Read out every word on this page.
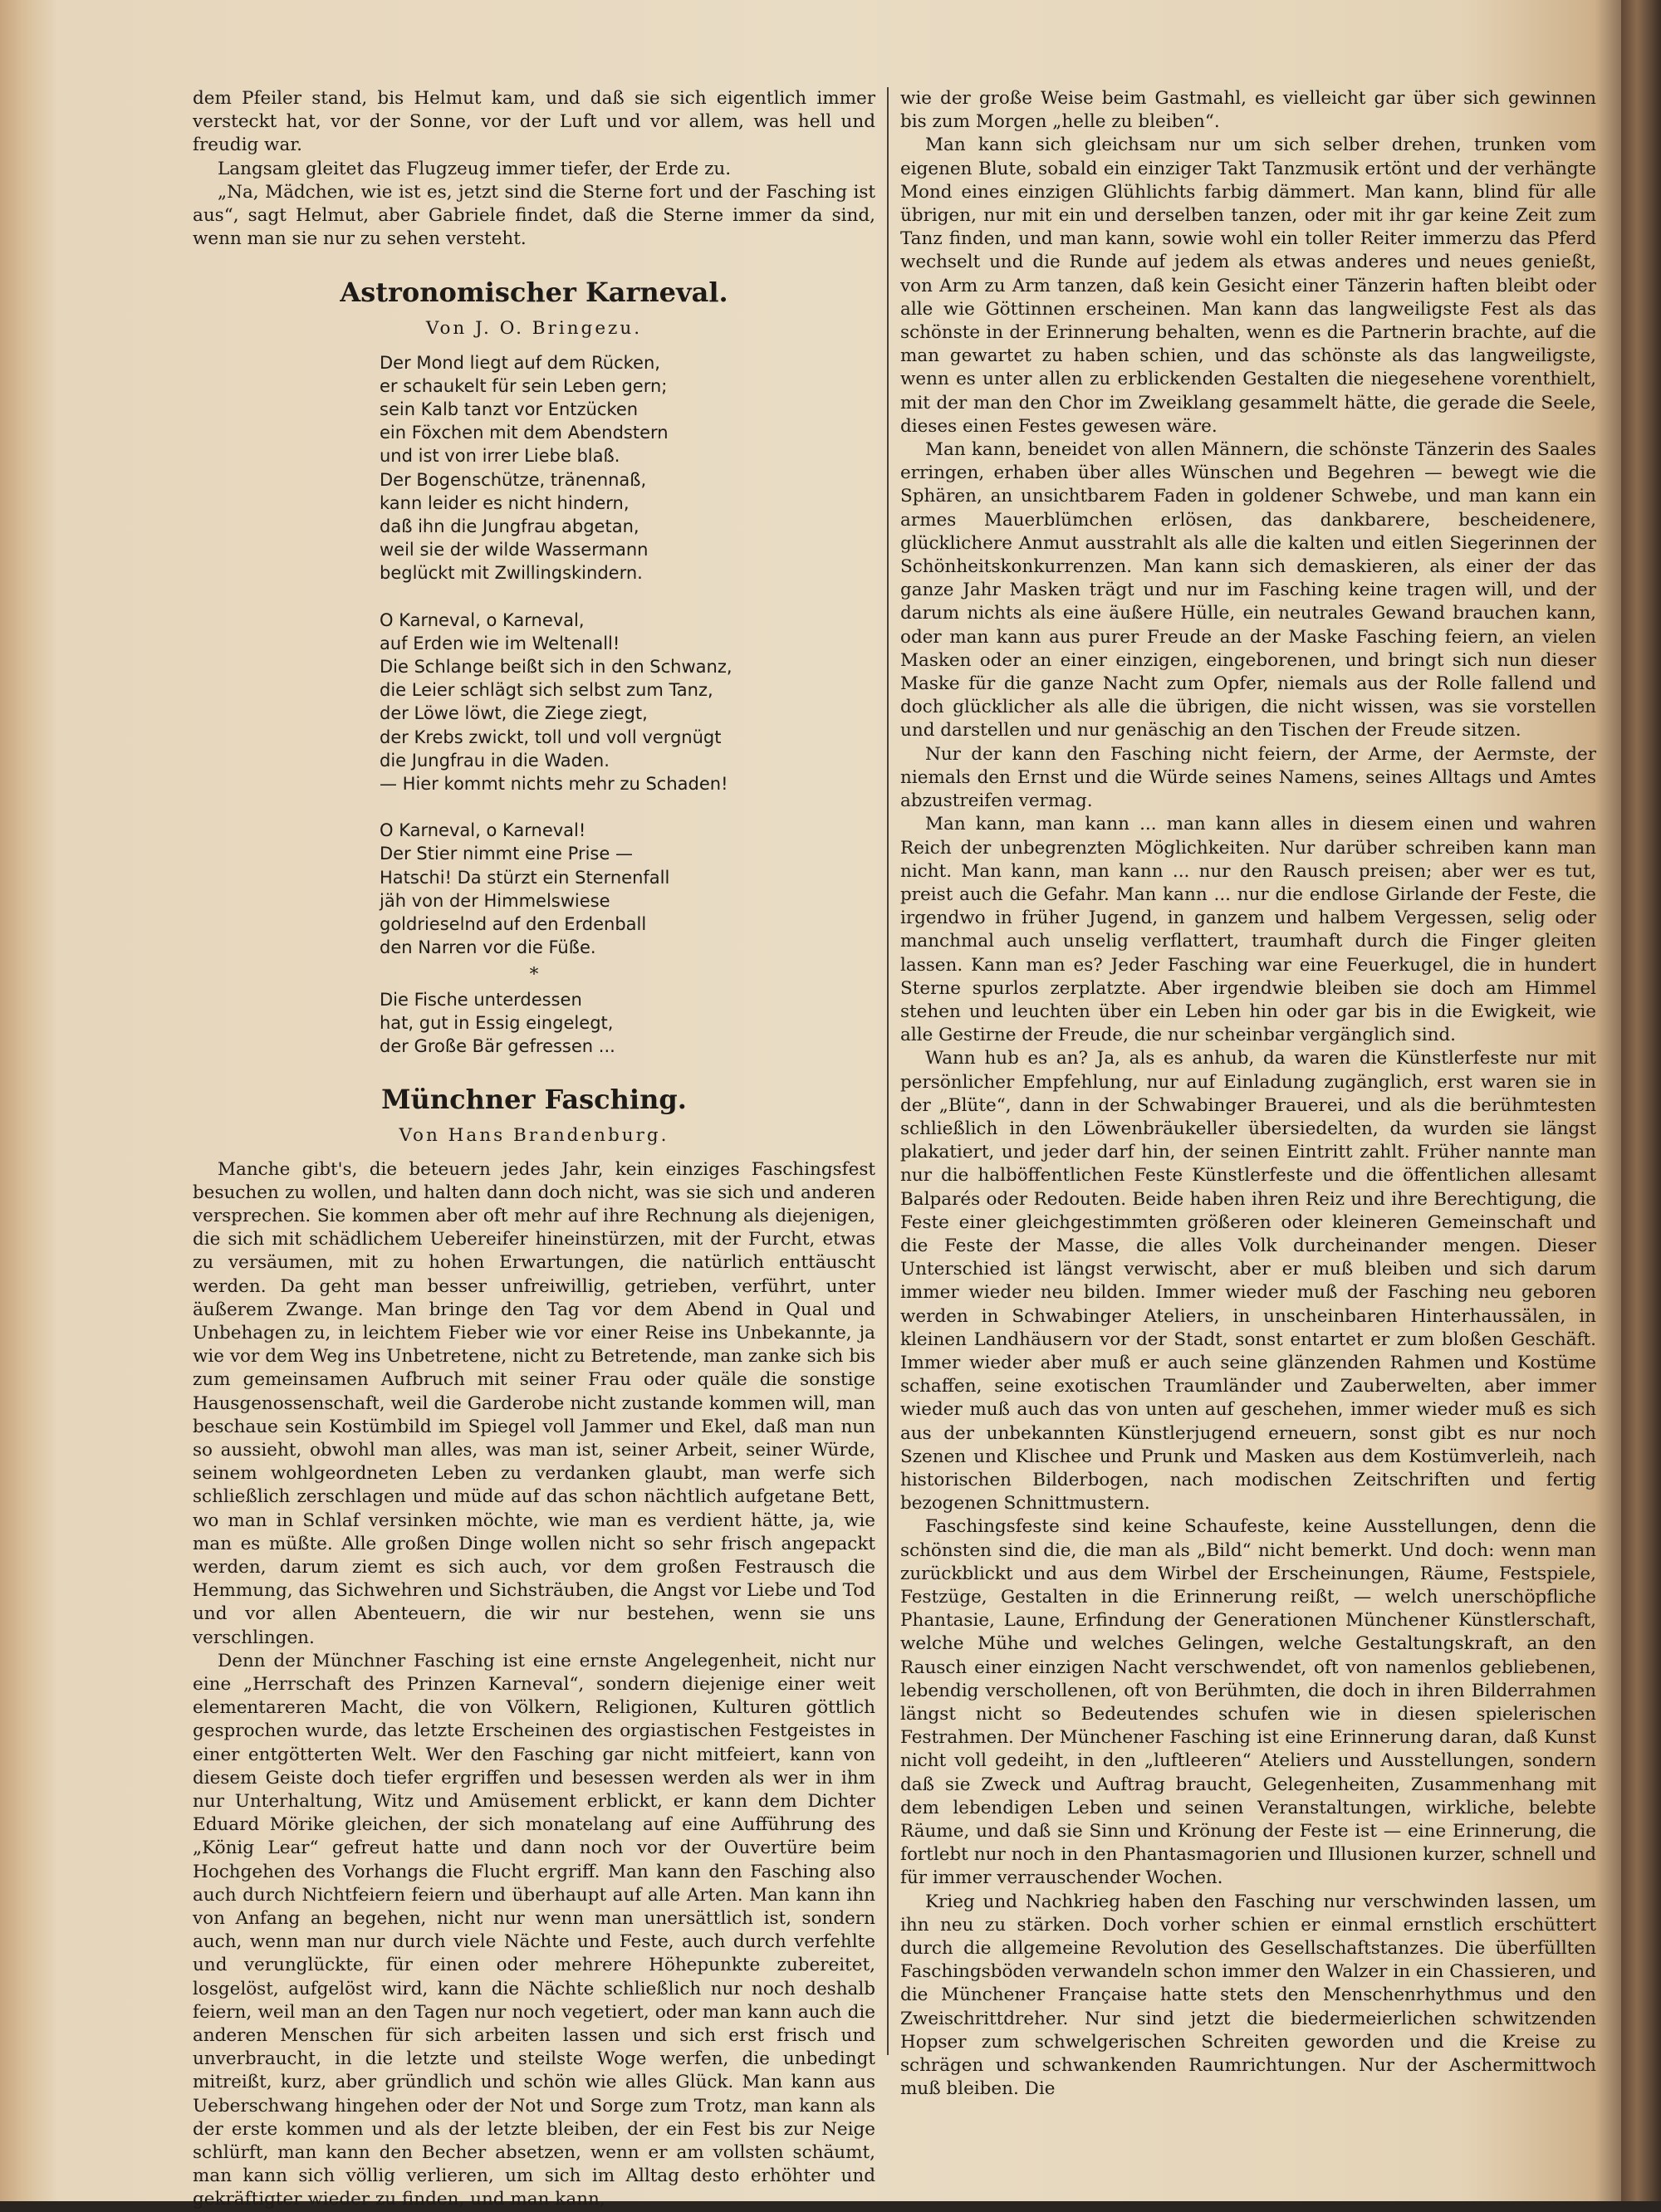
dem Pfeiler stand, bis Helmut kam, und daß sie sich eigentlich immer versteckt hat, vor der Sonne, vor der Luft und vor allem, was hell und freudig war.

Langsam gleitet das Flugzeug immer tiefer, der Erde zu.

„Na, Mädchen, wie ist es, jetzt sind die Sterne fort und der Fasching ist aus“, sagt Helmut, aber Gabriele findet, daß die Sterne immer da sind, wenn man sie nur zu sehen versteht.

Astronomischer Karneval.
Von J. O. Bringezu.
Der Mond liegt auf dem Rücken,
er schaukelt für sein Leben gern;
sein Kalb tanzt vor Entzücken
ein Föxchen mit dem Abendstern
und ist von irrer Liebe blaß.
Der Bogenschütze, tränennaß,
kann leider es nicht hindern,
daß ihn die Jungfrau abgetan,
weil sie der wilde Wassermann
beglückt mit Zwillingskindern.
O Karneval, o Karneval,
auf Erden wie im Weltenall!
Die Schlange beißt sich in den Schwanz,
die Leier schlägt sich selbst zum Tanz,
der Löwe löwt, die Ziege ziegt,
der Krebs zwickt, toll und voll vergnügt
die Jungfrau in die Waden.
— Hier kommt nichts mehr zu Schaden!
O Karneval, o Karneval!
Der Stier nimmt eine Prise —
Hatschi! Da stürzt ein Sternenfall
jäh von der Himmelswiese
goldrieselnd auf den Erdenball
den Narren vor die Füße.
*
Die Fische unterdessen
hat, gut in Essig eingelegt,
der Große Bär gefressen ...
Münchner Fasching.
Von Hans Brandenburg.

Manche gibt's, die beteuern jedes Jahr, kein einziges Faschingsfest besuchen zu wollen, und halten dann doch nicht, was sie sich und anderen versprechen. Sie kommen aber oft mehr auf ihre Rechnung als diejenigen, die sich mit schädlichem Uebereifer hineinstürzen, mit der Furcht, etwas zu versäumen, mit zu hohen Erwartungen, die natürlich enttäuscht werden. Da geht man besser unfreiwillig, getrieben, verführt, unter äußerem Zwange. Man bringe den Tag vor dem Abend in Qual und Unbehagen zu, in leichtem Fieber wie vor einer Reise ins Unbekannte, ja wie vor dem Weg ins Unbetretene, nicht zu Betretende, man zanke sich bis zum gemeinsamen Aufbruch mit seiner Frau oder quäle die sonstige Hausgenossenschaft, weil die Garderobe nicht zustande kommen will, man beschaue sein Kostümbild im Spiegel voll Jammer und Ekel, daß man nun so aussieht, obwohl man alles, was man ist, seiner Arbeit, seiner Würde, seinem wohlgeordneten Leben zu verdanken glaubt, man werfe sich schließlich zerschlagen und müde auf das schon nächtlich aufgetane Bett, wo man in Schlaf versinken möchte, wie man es verdient hätte, ja, wie man es müßte. Alle großen Dinge wollen nicht so sehr frisch angepackt werden, darum ziemt es sich auch, vor dem großen Festrausch die Hemmung, das Sichwehren und Sichsträuben, die Angst vor Liebe und Tod und vor allen Abenteuern, die wir nur bestehen, wenn sie uns verschlingen.

Denn der Münchner Fasching ist eine ernste Angelegenheit, nicht nur eine „Herrschaft des Prinzen Karneval“, sondern diejenige einer weit elementareren Macht, die von Völkern, Religionen, Kulturen göttlich gesprochen wurde, das letzte Erscheinen des orgiastischen Festgeistes in einer entgötterten Welt. Wer den Fasching gar nicht mitfeiert, kann von diesem Geiste doch tiefer ergriffen und besessen werden als wer in ihm nur Unterhaltung, Witz und Amüsement erblickt, er kann dem Dichter Eduard Mörike gleichen, der sich monatelang auf eine Aufführung des „König Lear“ gefreut hatte und dann noch vor der Ouvertüre beim Hochgehen des Vorhangs die Flucht ergriff. Man kann den Fasching also auch durch Nichtfeiern feiern und überhaupt auf alle Arten. Man kann ihn von Anfang an begehen, nicht nur wenn man unersättlich ist, sondern auch, wenn man nur durch viele Nächte und Feste, auch durch verfehlte und verunglückte, für einen oder mehrere Höhepunkte zubereitet, losgelöst, aufgelöst wird, kann die Nächte schließlich nur noch deshalb feiern, weil man an den Tagen nur noch vegetiert, oder man kann auch die anderen Menschen für sich arbeiten lassen und sich erst frisch und unverbraucht, in die letzte und steilste Woge werfen, die unbedingt mitreißt, kurz, aber gründlich und schön wie alles Glück. Man kann aus Ueberschwang hingehen oder der Not und Sorge zum Trotz, man kann als der erste kommen und als der letzte bleiben, der ein Fest bis zur Neige schlürft, man kann den Becher absetzen, wenn er am vollsten schäumt, man kann sich völlig verlieren, um sich im Alltag desto erhöhter und gekräftigter wieder zu finden, und man kann,

wie der große Weise beim Gastmahl, es vielleicht gar über sich gewinnen bis zum Morgen „helle zu bleiben“.

Man kann sich gleichsam nur um sich selber drehen, trunken vom eigenen Blute, sobald ein einziger Takt Tanzmusik ertönt und der verhängte Mond eines einzigen Glühlichts farbig dämmert. Man kann, blind für alle übrigen, nur mit ein und derselben tanzen, oder mit ihr gar keine Zeit zum Tanz finden, und man kann, sowie wohl ein toller Reiter immerzu das Pferd wechselt und die Runde auf jedem als etwas anderes und neues genießt, von Arm zu Arm tanzen, daß kein Gesicht einer Tänzerin haften bleibt oder alle wie Göttinnen erscheinen. Man kann das langweiligste Fest als das schönste in der Erinnerung behalten, wenn es die Partnerin brachte, auf die man gewartet zu haben schien, und das schönste als das langweiligste, wenn es unter allen zu erblickenden Gestalten die niegesehene vorenthielt, mit der man den Chor im Zweiklang gesammelt hätte, die gerade die Seele, dieses einen Festes gewesen wäre.

Man kann, beneidet von allen Männern, die schönste Tänzerin des Saales erringen, erhaben über alles Wünschen und Begehren — bewegt wie die Sphären, an unsichtbarem Faden in goldener Schwebe, und man kann ein armes Mauerblümchen erlösen, das dankbarere, bescheidenere, glücklichere Anmut ausstrahlt als alle die kalten und eitlen Siegerinnen der Schönheitskonkurrenzen. Man kann sich demaskieren, als einer der das ganze Jahr Masken trägt und nur im Fasching keine tragen will, und der darum nichts als eine äußere Hülle, ein neutrales Gewand brauchen kann, oder man kann aus purer Freude an der Maske Fasching feiern, an vielen Masken oder an einer einzigen, eingeborenen, und bringt sich nun dieser Maske für die ganze Nacht zum Opfer, niemals aus der Rolle fallend und doch glücklicher als alle die übrigen, die nicht wissen, was sie vorstellen und darstellen und nur genäschig an den Tischen der Freude sitzen.

Nur der kann den Fasching nicht feiern, der Arme, der Aermste, der niemals den Ernst und die Würde seines Namens, seines Alltags und Amtes abzustreifen vermag.

Man kann, man kann ... man kann alles in diesem einen und wahren Reich der unbegrenzten Möglichkeiten. Nur darüber schreiben kann man nicht. Man kann, man kann ... nur den Rausch preisen; aber wer es tut, preist auch die Gefahr. Man kann ... nur die endlose Girlande der Feste, die irgendwo in früher Jugend, in ganzem und halbem Vergessen, selig oder manchmal auch unselig verflattert, traumhaft durch die Finger gleiten lassen. Kann man es? Jeder Fasching war eine Feuerkugel, die in hundert Sterne spurlos zerplatzte. Aber irgendwie bleiben sie doch am Himmel stehen und leuchten über ein Leben hin oder gar bis in die Ewigkeit, wie alle Gestirne der Freude, die nur scheinbar vergänglich sind.

Wann hub es an? Ja, als es anhub, da waren die Künstlerfeste nur mit persönlicher Empfehlung, nur auf Einladung zugänglich, erst waren sie in der „Blüte“, dann in der Schwabinger Brauerei, und als die berühmtesten schließlich in den Löwenbräukeller übersiedelten, da wurden sie längst plakatiert, und jeder darf hin, der seinen Eintritt zahlt. Früher nannte man nur die halböffentlichen Feste Künstlerfeste und die öffentlichen allesamt Balparés oder Redouten. Beide haben ihren Reiz und ihre Berechtigung, die Feste einer gleichgestimmten größeren oder kleineren Gemeinschaft und die Feste der Masse, die alles Volk durcheinander mengen. Dieser Unterschied ist längst verwischt, aber er muß bleiben und sich darum immer wieder neu bilden. Immer wieder muß der Fasching neu geboren werden in Schwabinger Ateliers, in unscheinbaren Hinterhaussälen, in kleinen Landhäusern vor der Stadt, sonst entartet er zum bloßen Geschäft. Immer wieder aber muß er auch seine glänzenden Rahmen und Kostüme schaffen, seine exotischen Traumländer und Zauberwelten, aber immer wieder muß auch das von unten auf geschehen, immer wieder muß es sich aus der unbekannten Künstlerjugend erneuern, sonst gibt es nur noch Szenen und Klischee und Prunk und Masken aus dem Kostümverleih, nach historischen Bilderbogen, nach modischen Zeitschriften und fertig bezogenen Schnittmustern.

Faschingsfeste sind keine Schaufeste, keine Ausstellungen, denn die schönsten sind die, die man als „Bild“ nicht bemerkt. Und doch: wenn man zurückblickt und aus dem Wirbel der Erscheinungen, Räume, Festspiele, Festzüge, Gestalten in die Erinnerung reißt, — welch unerschöpfliche Phantasie, Laune, Erfindung der Generationen Münchener Künstlerschaft, welche Mühe und welches Gelingen, welche Gestaltungskraft, an den Rausch einer einzigen Nacht verschwendet, oft von namenlos gebliebenen, lebendig verschollenen, oft von Berühmten, die doch in ihren Bilderrahmen längst nicht so Bedeutendes schufen wie in diesen spielerischen Festrahmen. Der Münchener Fasching ist eine Erinnerung daran, daß Kunst nicht voll gedeiht, in den „luftleeren“ Ateliers und Ausstellungen, sondern daß sie Zweck und Auftrag braucht, Gelegenheiten, Zusammenhang mit dem lebendigen Leben und seinen Veranstaltungen, wirkliche, belebte Räume, und daß sie Sinn und Krönung der Feste ist — eine Erinnerung, die fortlebt nur noch in den Phantasmagorien und Illusionen kurzer, schnell und für immer verrauschender Wochen.

Krieg und Nachkrieg haben den Fasching nur verschwinden lassen, um ihn neu zu stärken. Doch vorher schien er einmal ernstlich erschüttert durch die allgemeine Revolution des Gesellschaftstanzes. Die überfüllten Faschingsböden verwandeln schon immer den Walzer in ein Chassieren, und die Münchener Française hatte stets den Menschenrhythmus und den Zweischrittdreher. Nur sind jetzt die biedermeierlichen schwitzenden Hopser zum schwelgerischen Schreiten geworden und die Kreise zu schrägen und schwankenden Raumrichtungen. Nur der Aschermittwoch muß bleiben. Die
